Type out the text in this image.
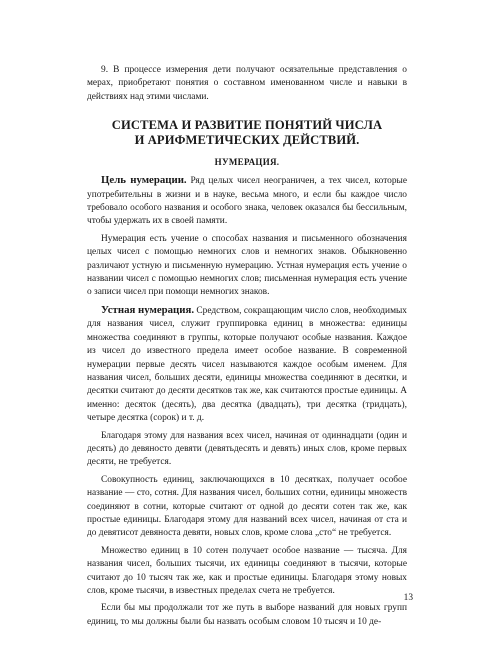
9. В процессе измерения дети получают осязательные представления о мерах, приобретают понятия о составном именованном числе и навыки в действиях над этими числами.

СИСТЕМА И РАЗВИТИЕ ПОНЯТИЙ ЧИСЛА
И АРИФМЕТИЧЕСКИХ ДЕЙСТВИЙ.
НУМЕРАЦИЯ.

Цель нумерации. Ряд целых чисел неограничен, а тех чисел, которые употребительны в жизни и в науке, весьма много, и если бы каждое число требовало особого названия и особого знака, человек оказался бы бессильным, чтобы удержать их в своей памяти.

Нумерация есть учение о способах названия и письменного обозначения целых чисел с помощью немногих слов и немногих знаков. Обыкновенно различают устную и письменную нумерацию. Устная нумерация есть учение о названии чисел с помощью немногих слов; письменная нумерация есть учение о записи чисел при помощи немногих знаков.

Устная нумерация. Средством, сокращающим число слов, необходимых для названия чисел, служит группировка единиц в множества: единицы множества соединяют в группы, которые получают особые названия. Каждое из чисел до известного предела имеет особое название. В современной нумерации первые десять чисел называются каждое особым именем. Для названия чисел, больших десяти, единицы множества соединяют в десятки, и десятки считают до десяти десятков так же, как считаются простые единицы. А именно: десяток (десять), два десятка (двадцать), три десятка (тридцать), четыре десятка (сорок) и т. д.

Благодаря этому для названия всех чисел, начиная от одиннадцати (один и десять) до девяносто девяти (девятьдесять и девять) иных слов, кроме первых десяти, не требуется.

Совокупность единиц, заключающихся в 10 десятках, получает особое название — сто, сотня. Для названия чисел, больших сотни, единицы множеств соединяют в сотни, которые считают от одной до десяти сотен так же, как простые единицы. Благодаря этому для названий всех чисел, начиная от ста и до девятисот девяноста девяти, новых слов, кроме слова „сто“ не требуется.

Множество единиц в 10 сотен получает особое название — тысяча. Для названия чисел, больших тысячи, их единицы соединяют в тысячи, которые считают до 10 тысяч так же, как и простые единицы. Благодаря этому новых слов, кроме тысячи, в известных пределах счета не требуется.

Если бы мы продолжали тот же путь в выборе названий для новых групп единиц, то мы должны были бы назвать особым словом 10 тысяч и 10 де-

13
